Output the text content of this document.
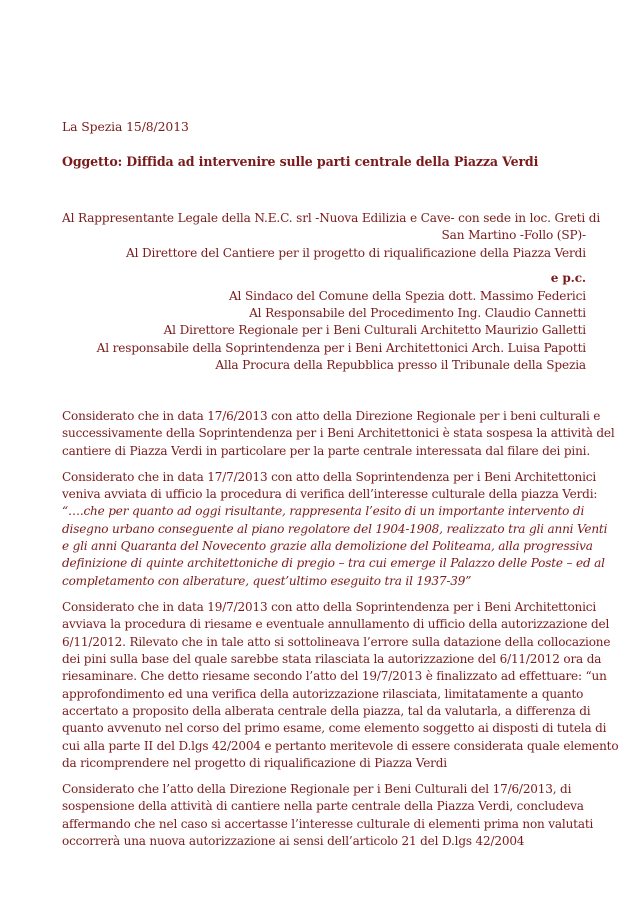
La Spezia 15/8/2013
Oggetto: Diffida ad intervenire sulle parti centrale della Piazza Verdi
Al Rappresentante Legale della N.E.C. srl -Nuova Edilizia e Cave- con sede in loc. Greti di
San Martino -Follo (SP)-
Al Direttore del Cantiere per il progetto di riqualificazione della Piazza Verdi
e p.c.
Al Sindaco del Comune della Spezia dott. Massimo Federici
Al Responsabile del Procedimento Ing. Claudio Cannetti
Al Direttore Regionale per i Beni Culturali Architetto Maurizio Galletti
Al responsabile della Soprintendenza per i Beni Architettonici Arch. Luisa Papotti
Alla Procura della Repubblica presso il Tribunale della Spezia
Considerato che in data 17/6/2013 con atto della Direzione Regionale per i beni culturali e
successivamente della Soprintendenza per i Beni Architettonici è stata sospesa la attività del
cantiere di Piazza Verdi in particolare per la parte centrale interessata dal filare dei pini.
Considerato che in data 17/7/2013 con atto della Soprintendenza per i Beni Architettonici
veniva avviata di ufficio la procedura di verifica dell’interesse culturale della piazza Verdi:
“….che per quanto ad oggi risultante, rappresenta l’esito di un importante intervento di
disegno urbano conseguente al piano regolatore del 1904-1908, realizzato tra gli anni Venti
e gli anni Quaranta del Novecento grazie alla demolizione del Politeama, alla progressiva
definizione di quinte architettoniche di pregio – tra cui emerge il Palazzo delle Poste – ed al
completamento con alberature, quest’ultimo eseguito tra il 1937-39”
Considerato che in data 19/7/2013 con atto della Soprintendenza per i Beni Architettonici
avviava la procedura di riesame e eventuale annullamento di ufficio della autorizzazione del
6/11/2012. Rilevato che in tale atto si sottolineava l’errore sulla datazione della collocazione
dei pini sulla base del quale sarebbe stata rilasciata la autorizzazione del 6/11/2012 ora da
riesaminare. Che detto riesame secondo l’atto del 19/7/2013 è finalizzato ad effettuare: “un
approfondimento ed una verifica della autorizzazione rilasciata, limitatamente a quanto
accertato a proposito della alberata centrale della piazza, tal da valutarla, a differenza di
quanto avvenuto nel corso del primo esame, come elemento soggetto ai disposti di tutela di
cui alla parte II del D.lgs 42/2004 e pertanto meritevole di essere considerata quale elemento
da ricomprendere nel progetto di riqualificazione di Piazza Verdi
Considerato che l’atto della Direzione Regionale per i Beni Culturali del 17/6/2013, di
sospensione della attività di cantiere nella parte centrale della Piazza Verdi, concludeva
affermando che nel caso si accertasse l’interesse culturale di elementi prima non valutati
occorrerà una nuova autorizzazione ai sensi dell’articolo 21 del D.lgs 42/2004
